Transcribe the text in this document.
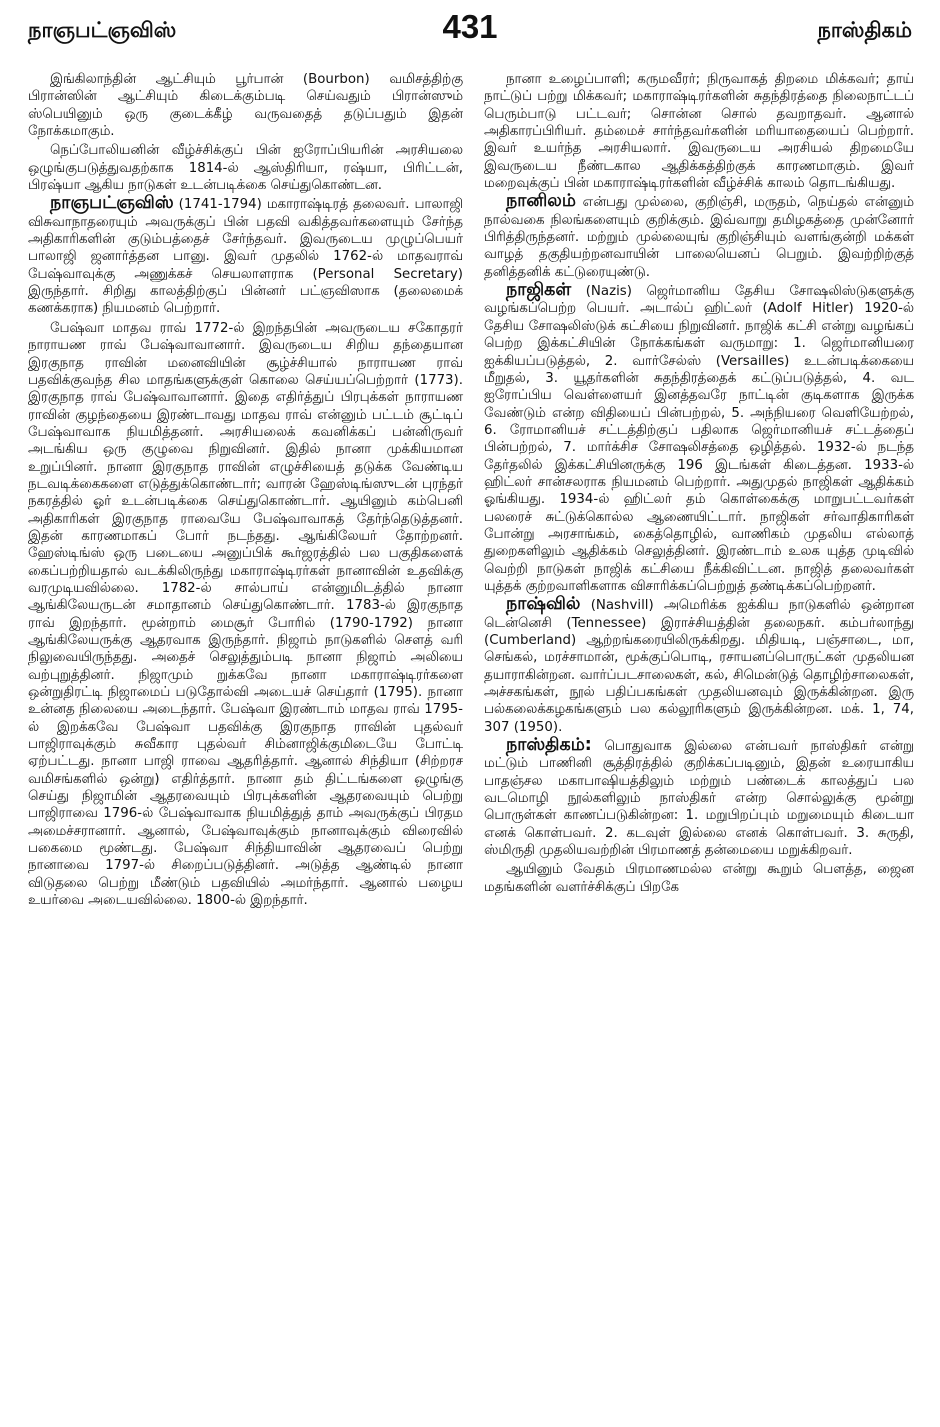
நாஞபட்ஞவிஸ்	431	நாஸ்திகம்

இங்கிலாந்தின் ஆட்சியும் பூர்பான் (Bourbon) வமிசத்திற்கு பிரான்ஸின் ஆட்சியும் கிடைக்கும்படி செய்வதும் பிரான்ஸும் ஸ்பெயினும் ஒரு குடைக்கீழ் வருவதைத் தடுப்பதும் இதன் நோக்கமாகும்.

நெப்போலியனின் வீழ்ச்சிக்குப் பின் ஐரோப்பியரின் அரசியலை ஒழுங்குபடுத்துவதற்காக 1814-ல் ஆஸ்திரியா, ரஷ்யா, பிரிட்டன், பிரஷ்யா ஆகிய நாடுகள் உடன்படிக்கை செய்துகொண்டன.

நாஞபட்ஞவிஸ் (1741-1794) மகாராஷ்டிரத் தலைவர். பாலாஜி விசுவாநாதரையும் அவருக்குப் பின் பதவி வகித்தவர்களையும் சேர்ந்த அதிகாரிகளின் குடும்பத்தைச் சேர்ந்தவர். இவருடைய முழுப்பெயர் பாலாஜி ஜனார்த்தன பானு. இவர் முதலில் 1762-ல் மாதவராவ் பேஷ்வாவுக்கு அணுக்கச் செயலாளராக (Personal Secretary) இருந்தார். சிறிது காலத்திற்குப் பின்னர் பட்ஞவிஸாக (தலைமைக் கணக்கராக) நியமனம் பெற்றார்.

பேஷ்வா மாதவ ராவ் 1772-ல் இறந்தபின் அவருடைய சகோதரர் நாராயண ராவ் பேஷ்வாவானார். இவருடைய சிறிய தந்தையான இரகுநாத ராவின் மனைவியின் சூழ்ச்சியால் நாராயண ராவ் பதவிக்குவந்த சில மாதங்களுக்குள் கொலை செய்யப்பெற்றார் (1773). இரகுநாத ராவ் பேஷ்வாவானார். இதை எதிர்த்துப் பிரபுக்கள் நாராயண ராவின் குழந்தையை இரண்டாவது மாதவ ராவ் என்னும் பட்டம் சூட்டிப் பேஷ்வாவாக நியமித்தனர். அரசியலைக் கவனிக்கப் பன்னிருவர் அடங்கிய ஒரு குழுவை நிறுவினர். இதில் நானா முக்கியமான உறுப்பினர். நானா இரகுநாத ராவின் எழுச்சியைத் தடுக்க வேண்டிய நடவடிக்கைகளை எடுத்துக்கொண்டார்; வாரன் ஹேஸ்டிங்ஸுடன் புரந்தர் நகரத்தில் ஓர் உடன்படிக்கை செய்துகொண்டார். ஆயினும் கம்பெனி அதிகாரிகள் இரகுநாத ராவையே பேஷ்வாவாகத் தேர்ந்தெடுத்தனர். இதன் காரணமாகப் போர் நடந்தது. ஆங்கிலேயர் தோற்றனர். ஹேஸ்டிங்ஸ் ஒரு படையை அனுப்பிக் கூர்ஜரத்தில் பல பகுதிகளைக் கைப்பற்றியதால் வடக்கிலிருந்து மகாராஷ்டிரர்கள் நானாவின் உதவிக்கு வரமுடியவில்லை. 1782-ல் சால்பாய் என்னுமிடத்தில் நானா ஆங்கிலேயருடன் சமாதானம் செய்துகொண்டார். 1783-ல் இரகுநாத ராவ் இறந்தார். மூன்றாம் மைசூர் போரில் (1790-1792) நானா ஆங்கிலேயருக்கு ஆதரவாக இருந்தார். நிஜாம் நாடுகளில் சௌத் வரி நிலுவையிருந்தது. அதைச் செலுத்தும்படி நானா நிஜாம் அலியை வற்புறுத்தினர். நிஜாமும் றுக்கவே நானா மகாராஷ்டிரர்களை ஒன்றுதிரட்டி நிஜாமைப் படுதோல்வி அடையச் செய்தார் (1795). நானா உன்னத நிலையை அடைந்தார். பேஷ்வா இரண்டாம் மாதவ ராவ் 1795-ல் இறக்கவே பேஷ்வா பதவிக்கு இரகுநாத ராவின் புதல்வர் பாஜிராவுக்கும் சுவீகார புதல்வர் சிம்னாஜிக்குமிடையே போட்டி ஏற்பட்டது. நானா பாஜி ராவை ஆதரித்தார். ஆனால் சிந்தியா (சிற்றரச வமிசங்களில் ஒன்று) எதிர்த்தார். நானா தம் திட்டங்களை ஒழுங்கு செய்து நிஜாமின் ஆதரவையும் பிரபுக்களின் ஆதரவையும் பெற்று பாஜிராவை 1796-ல் பேஷ்வாவாக நியமித்துத் தாம் அவருக்குப் பிரதம அமைச்சரானார். ஆனால், பேஷ்வாவுக்கும் நானாவுக்கும் விரைவில் பகைமை மூண்டது. பேஷ்வா சிந்தியாவின் ஆதரவைப் பெற்று நானாவை 1797-ல் சிறைப்படுத்தினர். அடுத்த ஆண்டில் நானா விடுதலை பெற்று மீண்டும் பதவியில் அமர்ந்தார். ஆனால் பழைய உயர்வை அடையவில்லை. 1800-ல் இறந்தார்.

நானா உழைப்பாளி; கருமவீரர்; நிருவாகத் திறமை மிக்கவர்; தாய் நாட்டுப் பற்று மிக்கவர்; மகாராஷ்டிரர்களின் சுதந்திரத்தை நிலைநாட்டப் பெரும்பாடு பட்டவர்; சொன்ன சொல் தவறாதவர். ஆனால் அதிகாரப்பிரியர். தம்மைச் சார்ந்தவர்களின் மரியாதையைப் பெற்றார். இவர் உயர்ந்த அரசியலார். இவருடைய அரசியல் திறமையே இவருடைய நீண்டகால ஆதிக்கத்திற்குக் காரணமாகும். இவர் மறைவுக்குப் பின் மகாராஷ்டிரர்களின் வீழ்ச்சிக் காலம் தொடங்கியது.

நானிலம் என்பது முல்லை, குறிஞ்சி, மருதம், நெய்தல் என்னும் நால்வகை நிலங்களையும் குறிக்கும். இவ்வாறு தமிழகத்தை முன்னோர் பிரித்திருந்தனர். மற்றும் முல்லையுங் குறிஞ்சியும் வளங்குன்றி மக்கள் வாழத் தகுதியற்றனவாயின் பாலையெனப் பெறும். இவற்றிற்குத் தனித்தனிக் கட்டுரையுண்டு.

நாஜிகள் (Nazis) ஜெர்மானிய தேசிய சோஷலிஸ்டுகளுக்கு வழங்கப்பெற்ற பெயர். அடால்ப் ஹிட்லர் (Adolf Hitler) 1920-ல் தேசிய சோஷலிஸ்டுக் கட்சியை நிறுவினர். நாஜிக் கட்சி என்று வழங்கப் பெற்ற இக்கட்சியின் நோக்கங்கள் வருமாறு: 1. ஜெர்மானியரை ஐக்கியப்படுத்தல், 2. வார்சேல்ஸ் (Versailles) உடன்படிக்கையை மீறுதல், 3. யூதர்களின் சுதந்திரத்தைக் கட்டுப்படுத்தல், 4. வட ஐரோப்பிய வெள்ளையர் இனத்தவரே நாட்டின் குடிகளாக இருக்க வேண்டும் என்ற விதியைப் பின்பற்றல், 5. அந்நியரை வெளியேற்றல், 6. ரோமானியச் சட்டத்திற்குப் பதிலாக ஜெர்மானியச் சட்டத்தைப் பின்பற்றல், 7. மார்க்சிச சோஷலிசத்தை ஒழித்தல். 1932-ல் நடந்த தேர்தலில் இக்கட்சியினருக்கு 196 இடங்கள் கிடைத்தன. 1933-ல் ஹிட்லர் சான்சலராக நியமனம் பெற்றார். அதுமுதல் நாஜிகள் ஆதிக்கம் ஓங்கியது. 1934-ல் ஹிட்லர் தம் கொள்கைக்கு மாறுபட்டவர்கள் பலரைச் சுட்டுக்கொல்ல ஆணையிட்டார். நாஜிகள் சர்வாதிகாரிகள் போன்று அரசாங்கம், கைத்தொழில், வாணிகம் முதலிய எல்லாத் துறைகளிலும் ஆதிக்கம் செலுத்தினர். இரண்டாம் உலக யுத்த முடிவில் வெற்றி நாடுகள் நாஜிக் கட்சியை நீக்கிவிட்டன. நாஜித் தலைவர்கள் யுத்தக் குற்றவாளிகளாக விசாரிக்கப்பெற்றுத் தண்டிக்கப்பெற்றனர்.

நாஷ்வில் (Nashvill) அமெரிக்க ஐக்கிய நாடுகளில் ஒன்றான டென்னெசி (Tennessee) இராச்சியத்தின் தலைநகர். கம்பர்லாந்து (Cumberland) ஆற்றங்கரையிலிருக்கிறது. மிதியடி, பஞ்சாடை, மா, செங்கல், மரச்சாமான், மூக்குப்பொடி, ரசாயனப்பொருட்கள் முதலியன தயாராகின்றன. வார்ப்படசாலைகள், கல், சிமென்டுத் தொழிற்சாலைகள், அச்சகங்கள், நூல் பதிப்பகங்கள் முதலியனவும் இருக்கின்றன. இரு பல்கலைக்கழகங்களும் பல கல்லூரிகளும் இருக்கின்றன. மக். 1, 74, 307 (1950).

நாஸ்திகம்: பொதுவாக இல்லை என்பவர் நாஸ்திகர் என்று மட்டும் பாணினி சூத்திரத்தில் குறிக்கப்படினும், இதன் உரையாகிய பாதஞ்சல மகாபாஷியத்திலும் மற்றும் பண்டைக் காலத்துப் பல வடமொழி நூல்களிலும் நாஸ்திகர் என்ற சொல்லுக்கு மூன்று பொருள்கள் காணப்படுகின்றன: 1. மறுபிறப்பும் மறுமையும் கிடையா எனக் கொள்பவர். 2. கடவுள் இல்லை எனக் கொள்பவர். 3. சுருதி, ஸ்மிருதி முதலியவற்றின் பிரமாணத் தன்மையை மறுக்கிறவர்.

ஆயினும் வேதம் பிரமாணமல்ல என்று கூறும் பௌத்த, ஜைன மதங்களின் வளர்ச்சிக்குப் பிறகே
